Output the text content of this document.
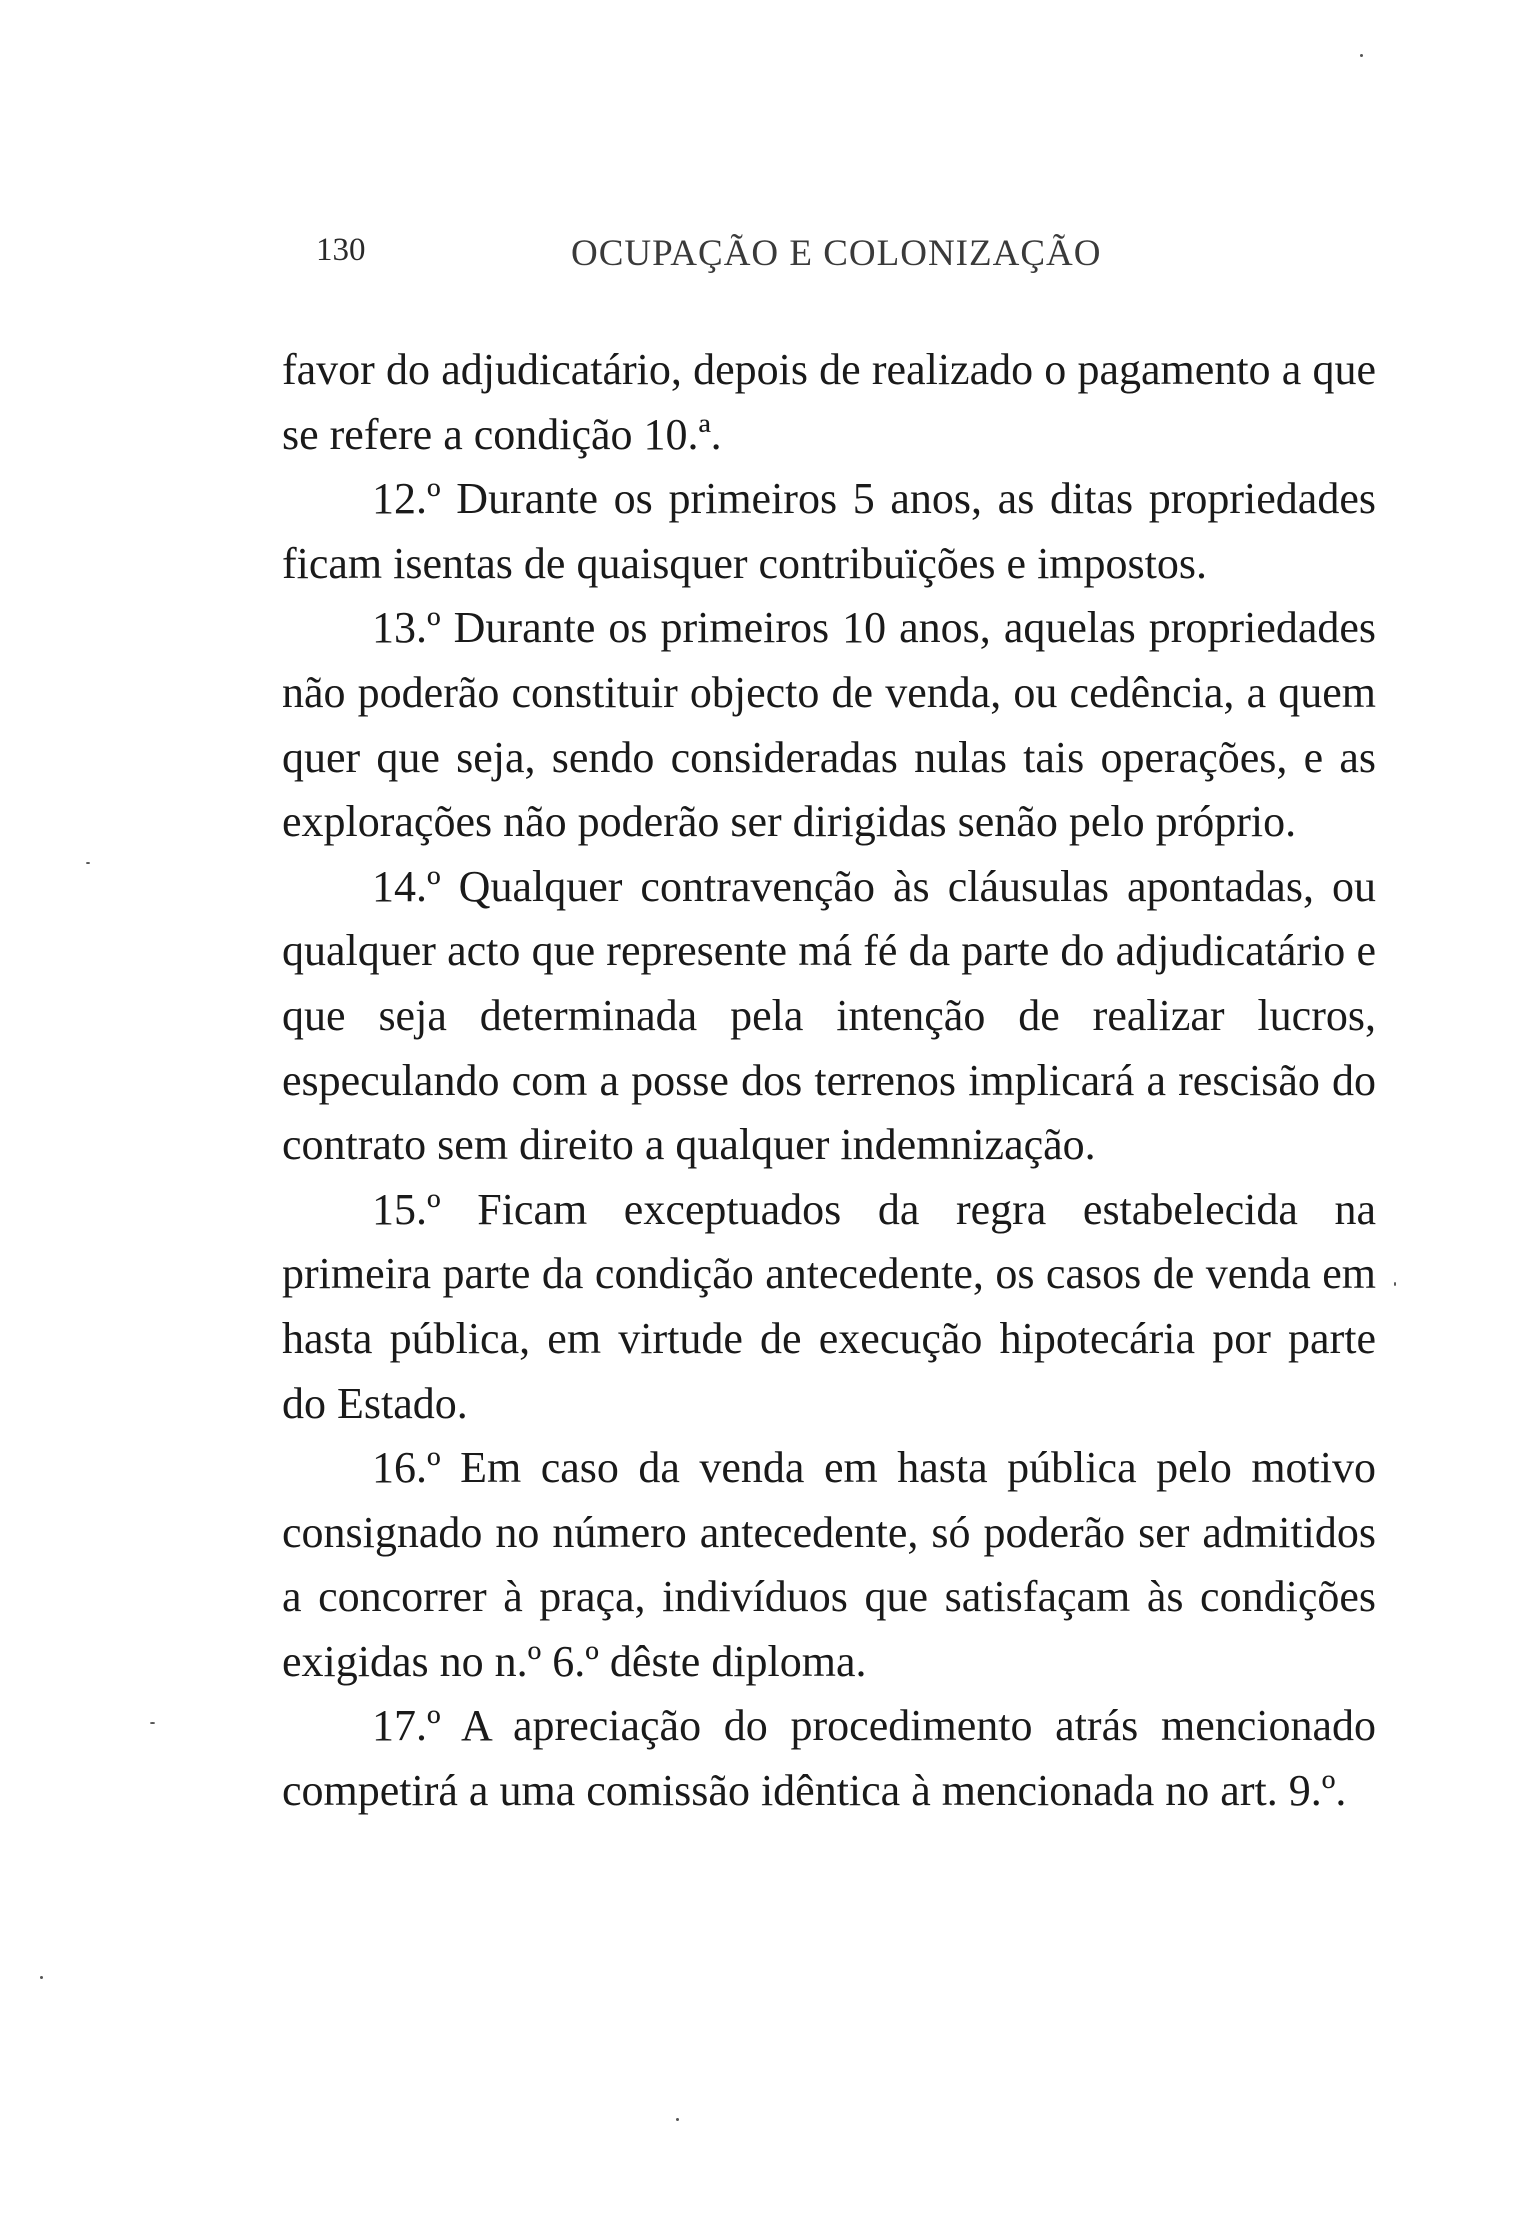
130	OCUPAÇÃO E COLONIZAÇÃO

favor do adjudicatário, depois de realizado o pagamento a que se refere a condição 10.ª.

12.º Durante os primeiros 5 anos, as ditas propriedades ficam isentas de quaisquer contribuïções e impostos.

13.º Durante os primeiros 10 anos, aquelas propriedades não poderão constituir objecto de venda, ou cedência, a quem quer que seja, sendo consideradas nulas tais operações, e as explorações não poderão ser dirigidas senão pelo próprio.

14.º Qualquer contravenção às cláusulas apontadas, ou qualquer acto que represente má fé da parte do adjudicatário e que seja determinada pela intenção de realizar lucros, especulando com a posse dos terrenos implicará a rescisão do contrato sem direito a qualquer indemnização.

15.º Ficam exceptuados da regra estabelecida na primeira parte da condição antecedente, os casos de venda em hasta pública, em virtude de execução hipotecária por parte do Estado.

16.º Em caso da venda em hasta pública pelo motivo consignado no número antecedente, só poderão ser admitidos a concorrer à praça, indivíduos que satisfaçam às condições exigidas no n.º 6.º dêste diploma.

17.º A apreciação do procedimento atrás mencionado competirá a uma comissão idêntica à mencionada no art. 9.º.
